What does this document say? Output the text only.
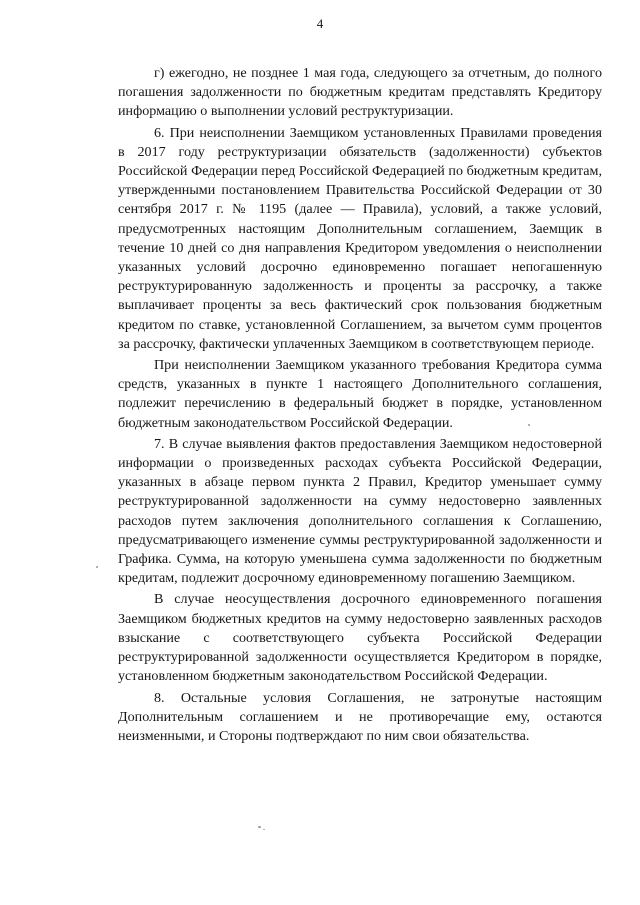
4

г) ежегодно, не позднее 1 мая года, следующего за отчетным, до полного погашения задолженности по бюджетным кредитам представлять Кредитору информацию о выполнении условий реструктуризации.

6. При неисполнении Заемщиком установленных Правилами проведения в 2017 году реструктуризации обязательств (задолженности) субъектов Российской Федерации перед Российской Федерацией по бюджетным кредитам, утвержденными постановлением Правительства Российской Федерации от 30 сентября 2017 г. № 1195 (далее — Правила), условий, а также условий, предусмотренных настоящим Дополнительным соглашением, Заемщик в течение 10 дней со дня направления Кредитором уведомления о неисполнении указанных условий досрочно единовременно погашает непогашенную реструктурированную задолженность и проценты за рассрочку, а также выплачивает проценты за весь фактический срок пользования бюджетным кредитом по ставке, установленной Соглашением, за вычетом сумм процентов за рассрочку, фактически уплаченных Заемщиком в соответствующем периоде.

При неисполнении Заемщиком указанного требования Кредитора сумма средств, указанных в пункте 1 настоящего Дополнительного соглашения, подлежит перечислению в федеральный бюджет в порядке, установленном бюджетным законодательством Российской Федерации.

7. В случае выявления фактов предоставления Заемщиком недостоверной информации о произведенных расходах субъекта Российской Федерации, указанных в абзаце первом пункта 2 Правил, Кредитор уменьшает сумму реструктурированной задолженности на сумму недостоверно заявленных расходов путем заключения дополнительного соглашения к Соглашению, предусматривающего изменение суммы реструктурированной задолженности и Графика. Сумма, на которую уменьшена сумма задолженности по бюджетным кредитам, подлежит досрочному единовременному погашению Заемщиком.

В случае неосуществления досрочного единовременного погашения Заемщиком бюджетных кредитов на сумму недостоверно заявленных расходов взыскание с соответствующего субъекта Российской Федерации реструктурированной задолженности осуществляется Кредитором в порядке, установленном бюджетным законодательством Российской Федерации.

8. Остальные условия Соглашения, не затронутые настоящим Дополнительным соглашением и не противоречащие ему, остаются неизменными, и Стороны подтверждают по ним свои обязательства.
